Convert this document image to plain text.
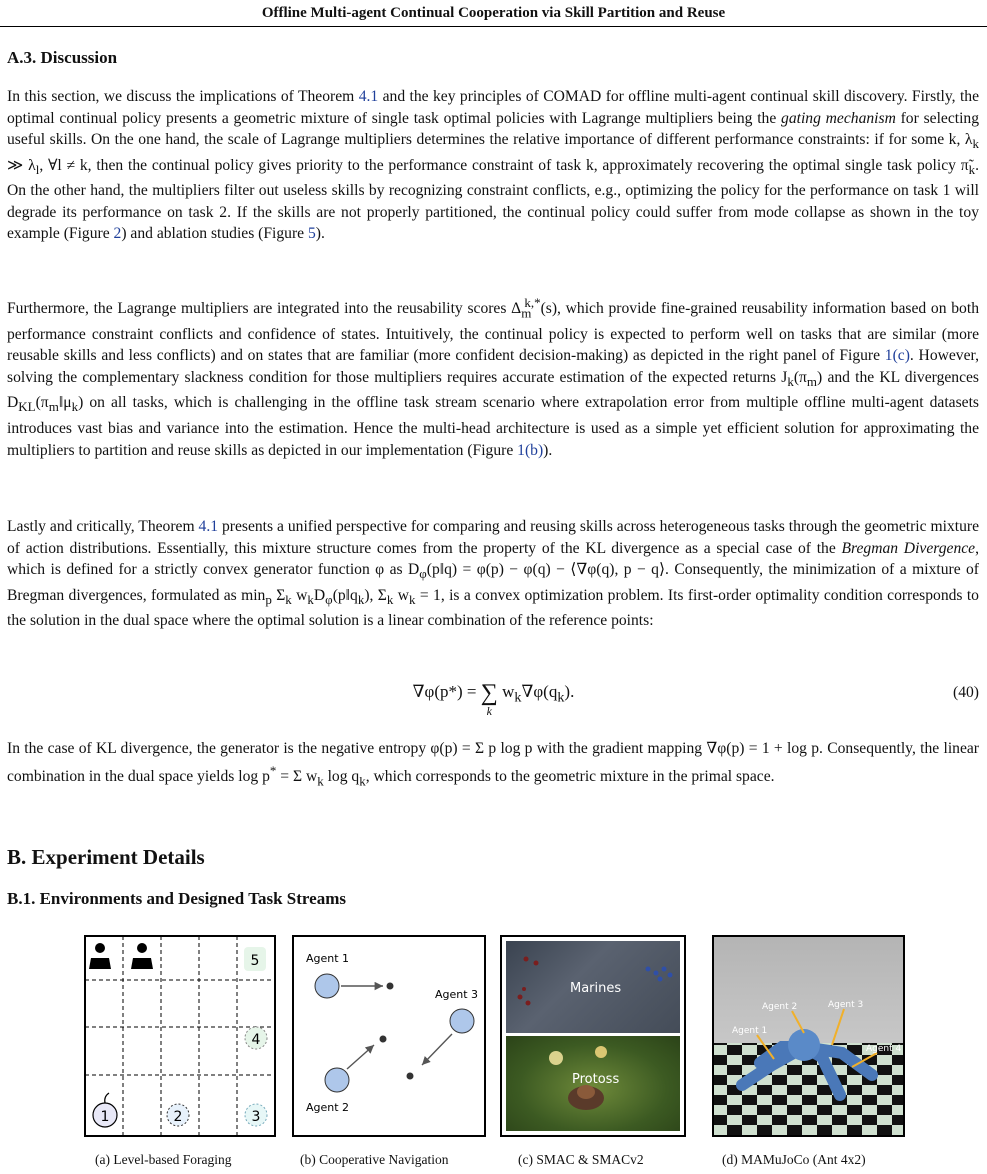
Offline Multi-agent Continual Cooperation via Skill Partition and Reuse
A.3. Discussion

In this section, we discuss the implications of Theorem 4.1 and the key principles of COMAD for offline multi-agent continual skill discovery. Firstly, the optimal continual policy presents a geometric mixture of single task optimal policies with Lagrange multipliers being the gating mechanism for selecting useful skills. On the one hand, the scale of Lagrange multipliers determines the relative importance of different performance constraints: if for some k, $\lambda_k$ ≫ $\lambda_l$, ∀l ≠ k, then the continual policy gives priority to the performance constraint of task k, approximately recovering the optimal single task policy $\pĩ_k$. On the other hand, the multipliers filter out useless skills by recognizing constraint conflicts, e.g., optimizing the policy for the performance on task 1 will degrade its performance on task 2. If the skills are not properly partitioned, the continual policy could suffer from mode collapse as shown in the toy example (Figure 2) and ablation studies (Figure 5).

Furthermore, the Lagrange multipliers are integrated into the reusability scores $\Delta_m^{k,*}(s)$, which provide fine-grained reusability information based on both performance constraint conflicts and confidence of states. Intuitively, the continual policy is expected to perform well on tasks that are similar (more reusable skills and less conflicts) and on states that are familiar (more confident decision-making) as depicted in the right panel of Figure 1(c). However, solving the complementary slackness condition for those multipliers requires accurate estimation of the expected returns $J_k(\pi_m)$ and the KL divergences $D_{KL}(\pi_m‖\mu_k)$ on all tasks, which is challenging in the offline task stream scenario where extrapolation error from multiple offline multi-agent datasets introduces vast bias and variance into the estimation. Hence the multi-head architecture is used as a simple yet efficient solution for approximating the multipliers to partition and reuse skills as depicted in our implementation (Figure 1(b)).

Lastly and critically, Theorem 4.1 presents a unified perspective for comparing and reusing skills across heterogeneous tasks through the geometric mixture of action distributions. Essentially, this mixture structure comes from the property of the KL divergence as a special case of the Bregman Divergence, which is defined for a strictly convex generator function φ as $D_\varphi(p‖q) = \varphi(p) - \varphi(q)$ − ⟨∇φ(q), p − q⟩. Consequently, the minimization of a mixture of Bregman divergences, formulated as $\min_p \Sigma_k$ $w_kD_\varphi(p‖q_k)$, $\Sigma_k$ $w_k = 1$, is a convex optimization problem. Its first-order optimality condition corresponds to the solution in the dual space where the optimal solution is a linear combination of the reference points:

∇φ(p*) = ∑
k
$w_k\nabla\varphi(q_k)$.	(40)

In the case of KL divergence, the generator is the negative entropy φ(p) = Σ p log p with the gradient mapping ∇φ(p) = 1 + log p. Consequently, the linear combination in the dual space yields log p* = Σ $w_k$ $\log q_k$, which corresponds to the geometric mixture in the primal space.

B. Experiment Details
B.1. Environments and Designed Task Streams
5
4
1	2	3
Agent 1
Agent 3
Agent 2
Marines
Protoss
Agent 1
Agent 2	Agent 3
Agent 4
(a) Level-based Foraging	(b) Cooperative Navigation	(c) SMAC & SMACv2	(d) MAMuJoCo (Ant 4x2)
